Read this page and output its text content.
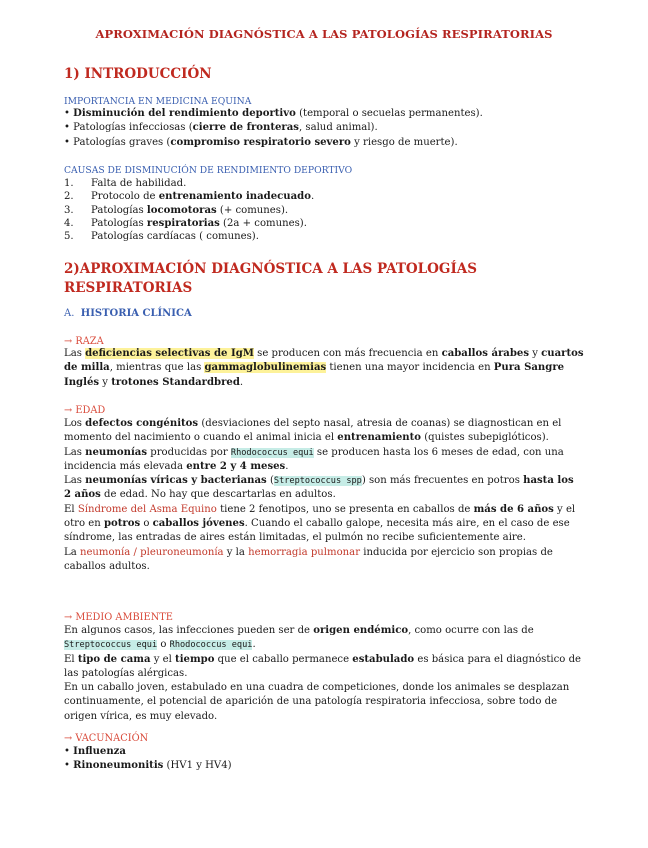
APROXIMACIÓN DIAGNÓSTICA A LAS PATOLOGÍAS RESPIRATORIAS
1) INTRODUCCIÓN
IMPORTANCIA EN MEDICINA EQUINA
• Disminución del rendimiento deportivo (temporal o secuelas permanentes).
• Patologías infecciosas (cierre de fronteras, salud animal).
• Patologías graves (compromiso respiratorio severo y riesgo de muerte).
CAUSAS DE DISMINUCIÓN DE RENDIMIENTO DEPORTIVO
1. Falta de habilidad.
2. Protocolo de entrenamiento inadecuado.
3. Patologías locomotoras (+ comunes).
4. Patologías respiratorias (2a + comunes).
5. Patologías cardíacas ( comunes).
2)APROXIMACIÓN DIAGNÓSTICA A LAS PATOLOGÍAS
RESPIRATORIAS
A. HISTORIA CLÍNICA
→ RAZA
Las deficiencias selectivas de IgM se producen con más frecuencia en caballos árabes y cuartos de milla, mientras que las gammaglobulinemias tienen una mayor incidencia en Pura Sangre Inglés y trotones Standardbred.
→ EDAD
Los defectos congénitos (desviaciones del septo nasal, atresia de coanas) se diagnostican en el momento del nacimiento o cuando el animal inicia el entrenamiento (quistes subepiglóticos).
Las neumonías producidas por Rhodococcus equi se producen hasta los 6 meses de edad, con una incidencia más elevada entre 2 y 4 meses.
Las neumonías víricas y bacterianas (Streptococcus spp) son más frecuentes en potros hasta los 2 años de edad. No hay que descartarlas en adultos.
El Síndrome del Asma Equino tiene 2 fenotipos, uno se presenta en caballos de más de 6 años y el otro en potros o caballos jóvenes. Cuando el caballo galope, necesita más aire, en el caso de ese síndrome, las entradas de aires están limitadas, el pulmón no recibe suficientemente aire.
La neumonía / pleuroneumonía y la hemorragia pulmonar inducida por ejercicio son propias de caballos adultos.
→ MEDIO AMBIENTE
En algunos casos, las infecciones pueden ser de origen endémico, como ocurre con las de Streptococcus equi o Rhodococcus equi.
El tipo de cama y el tiempo que el caballo permanece estabulado es básica para el diagnóstico de las patologías alérgicas.
En un caballo joven, estabulado en una cuadra de competiciones, donde los animales se desplazan continuamente, el potencial de aparición de una patología respiratoria infecciosa, sobre todo de origen vírica, es muy elevado.
→ VACUNACIÓN
• Influenza
• Rinoneumonitis (HV1 y HV4)
